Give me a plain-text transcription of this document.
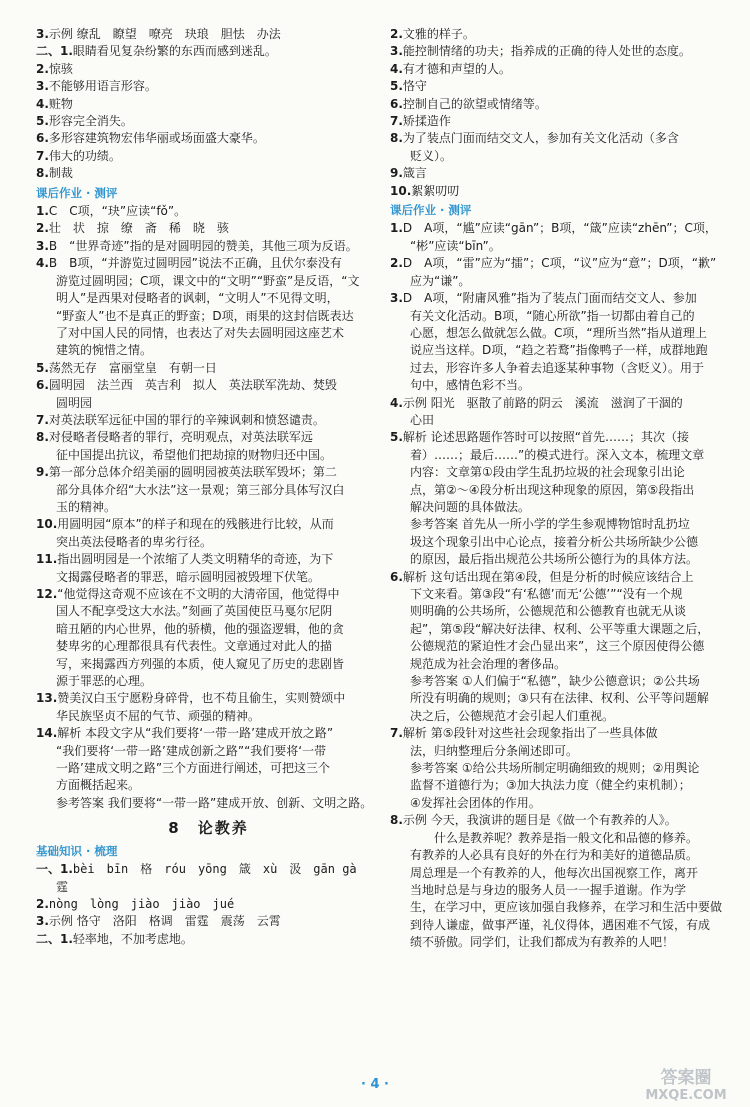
3.示例 缭乱　瞭望　嘹亮　玦琅　胆怯　办法
二、1.眼睛看见复杂纷繁的东西而感到迷乱。
2.惊骇
3.不能够用语言形容。
4.赃物
5.形容完全消失。
6.多形容建筑物宏伟华丽或场面盛大豪华。
7.伟大的功绩。
8.制裁
课后作业 · 测评
1.C　C项，“玦”应读“fǒ”。
2.壮　状　掠　缭　斋　稀　晓　骇
3.B　“世界奇迹”指的是对圆明园的赞美，其他三项为反语。
4.B　B项，“并游览过圆明园”说法不正确，且伏尔泰没有
游览过圆明园；C项，课文中的“文明”“野蛮”是反语，“文
明人”是西果对侵略者的讽刺，“文明人”不见得文明，
“野蛮人”也不是真正的野蛮；D项，雨果的这封信既表达
了对中国人民的同情，也表达了对失去圆明园这座艺术
建筑的惋惜之情。
5.荡然无存　富丽堂皇　有朝一日
6.圆明园　法兰西　英吉利　拟人　英法联军洗劫、焚毁
圆明园
7.对英法联军远征中国的罪行的辛辣讽刺和愤怒谴责。
8.对侵略者侵略者的罪行，亮明观点，对英法联军远
征中国提出抗议，希望他们把劫掠的财物归还中国。
9.第一部分总体介绍美丽的圆明园被英法联军毁坏；第二
部分具体介绍“大水法”这一景观；第三部分具体写汉白
玉的精神。
10.用圆明园“原本”的样子和现在的残骸进行比较，从而
突出英法侵略者的卑劣行径。
11.指出圆明园是一个浓缩了人类文明精华的奇迹，为下
文揭露侵略者的罪恶，暗示圆明园被毁埋下伏笔。
12.“他觉得这奇观不应该在不文明的大清帝国，他觉得中
国人不配享受这大水法。”刻画了英国使臣马戛尔尼阴
暗丑陋的内心世界，他的骄横，他的强盗逻辑，他的贪
婪卑劣的心理都很具有代表性。文章通过对此人的描
写，来揭露西方列强的本质，使人窥见了历史的悲剧皆
源于罪恶的心理。
13.赞美汉白玉宁愿粉身碎骨，也不苟且偷生，实则赞颂中
华民族坚贞不屈的气节、顽强的精神。
14.解析 本段文字从“我们要将‘一带一路’建成开放之路”
“我们要将‘一带一路’建成创新之路”“我们要将‘一带
一路’建成文明之路”三个方面进行阐述，可把这三个
方面概括起来。
参考答案 我们要将“一带一路”建成开放、创新、文明之路。
8　论教养
基础知识 · 梳理
一、1.bèi　bīn　格　róu　yōng　箴　xù　汲　gān gà
霆
2.nòng　lòng　jiào　jiào　jué
3.示例 恪守　洛阳　格调　雷霆　震荡　云霄
二、1.轻率地，不加考虑地。
2.文雅的样子。
3.能控制情绪的功夫；指养成的正确的待人处世的态度。
4.有才德和声望的人。
5.恪守
6.控制自己的欲望或情绪等。
7.矫揉造作
8.为了装点门面而结交文人，参加有关文化活动（多含
贬义）。
9.箴言
10.絮絮叨叨
课后作业 · 测评
1.D　A项，“尴”应读“gān”；B项，“箴”应读“zhēn”；C项，
“彬”应读“bīn”。
2.D　A项，“雷”应为“擂”；C项，“议”应为“意”；D项，“歉”
应为“谦”。
3.D　A项，“附庸风雅”指为了装点门面而结交文人、参加
有关文化活动。B项，“随心所欲”指一切都由着自己的
心愿，想怎么做就怎么做。C项，“理所当然”指从道理上
说应当这样。D项，“趋之若鹜”指像鸭子一样，成群地跑
过去，形容许多人争着去追逐某种事物（含贬义）。用于
句中，感情色彩不当。
4.示例 阳光　驱散了前路的阴云　溪流　滋润了干涸的
心田
5.解析 论述思路题作答时可以按照“首先……；其次（接
着）……；最后……”的模式进行。深入文本，梳理文章
内容：文章第①段由学生乱扔垃圾的社会现象引出论
点，第②～④段分析出现这种现象的原因，第⑤段指出
解决问题的具体做法。
参考答案 首先从一所小学的学生参观博物馆时乱扔垃
圾这个现象引出中心论点，接着分析公共场所缺少公德
的原因，最后指出规范公共场所公德行为的具体方法。
6.解析 这句话出现在第④段，但是分析的时候应该结合上
下文来看。第③段“有‘私德’而无‘公德’”“没有一个规
则明确的公共场所，公德规范和公德教育也就无从谈
起”，第⑤段“解决好法律、权利、公平等重大课题之后，
公德规范的紧迫性才会凸显出来”，这三个原因使得公德
规范成为社会治理的奢侈品。
参考答案 ①人们偏于“私德”，缺少公德意识；②公共场
所没有明确的规则；③只有在法律、权利、公平等问题解
决之后，公德规范才会引起人们重视。
7.解析 第⑤段针对这些社会现象指出了一些具体做
法，归纳整理后分条阐述即可。
参考答案 ①给公共场所制定明确细致的规则；②用舆论
监督不道德行为；③加大执法力度（健全约束机制）；
④发挥社会团体的作用。
8.示例 今天，我演讲的题目是《做一个有教养的人》。
　　什么是教养呢？教养是指一般文化和品德的修养。
有教养的人必具有良好的外在行为和美好的道德品质。
周总理是一个有教养的人，他每次出国视察工作，离开
当地时总是与身边的服务人员一一握手道谢。作为学
生，在学习中，更应该加强自我修养，在学习和生活中要做
到待人谦虚，做事严谨，礼仪得体，遇困难不气馁，有成
绩不骄傲。同学们，让我们都成为有教养的人吧！
· 4 ·	答案圈
MXQE.COM
